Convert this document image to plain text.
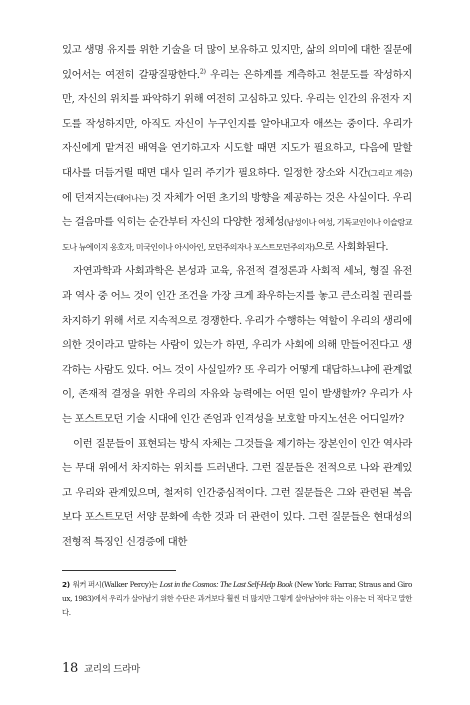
있고 생명 유지를 위한 기술을 더 많이 보유하고 있지만, 삶의 의미에 대한 질문에 있어서는 여전히 갈팡질팡한다.$^{2)}$ 우리는 은하계를 계측하고 천문도를 작성하지만, 자신의 위치를 파악하기 위해 여전히 고심하고 있다. 우리는 인간의 유전자 지도를 작성하지만, 아직도 자신이 누구인지를 알아내고자 애쓰는 중이다. 우리가 자신에게 맡겨진 배역을 연기하고자 시도할 때면 지도가 필요하고, 다음에 말할 대사를 더듬거릴 때면 대사 일러 주기가 필요하다. 일정한 장소와 시간(그리고 계층)에 던져지는(태어나는) 것 자체가 어떤 초기의 방향을 제공하는 것은 사실이다. 우리는 걸음마를 익히는 순간부터 자신의 다양한 정체성(남성이나 여성, 기독교인이나 이슬람교도나 뉴에이지 옹호자, 미국인이나 아시아인, 모던주의자나 포스트모던주의자)으로 사회화된다.

자연과학과 사회과학은 본성과 교육, 유전적 결정론과 사회적 세뇌, 형질 유전과 역사 중 어느 것이 인간 조건을 가장 크게 좌우하는지를 놓고 큰소리칠 권리를 차지하기 위해 서로 지속적으로 경쟁한다. 우리가 수행하는 역할이 우리의 생리에 의한 것이라고 말하는 사람이 있는가 하면, 우리가 사회에 의해 만들어진다고 생각하는 사람도 있다. 어느 것이 사실일까? 또 우리가 어떻게 대답하느냐에 관계없이, 존재적 결정을 위한 우리의 자유와 능력에는 어떤 일이 발생할까? 우리가 사는 포스트모던 기술 시대에 인간 존엄과 인격성을 보호할 마지노선은 어디일까?

이런 질문들이 표현되는 방식 자체는 그것들을 제기하는 장본인이 인간 역사라는 무대 위에서 차지하는 위치를 드러낸다. 그런 질문들은 전적으로 나와 관계있고 우리와 관계있으며, 철저히 인간중심적이다. 그런 질문들은 그와 관련된 복음보다 포스트모던 서양 문화에 속한 것과 더 관련이 있다. 그런 질문들은 현대성의 전형적 특징인 신경증에 대한

2) 워커 퍼시(Walker Percy)는 Lost in the Cosmos: The Last Self-Help Book (New York: Farrar, Straus and Giroux, 1983)에서 우리가 살아남기 위한 수단은 과거보다 훨씬 더 많지만 그렇게 살아남아야 하는 이유는 더 적다고 말한다.
18 교리의 드라마
